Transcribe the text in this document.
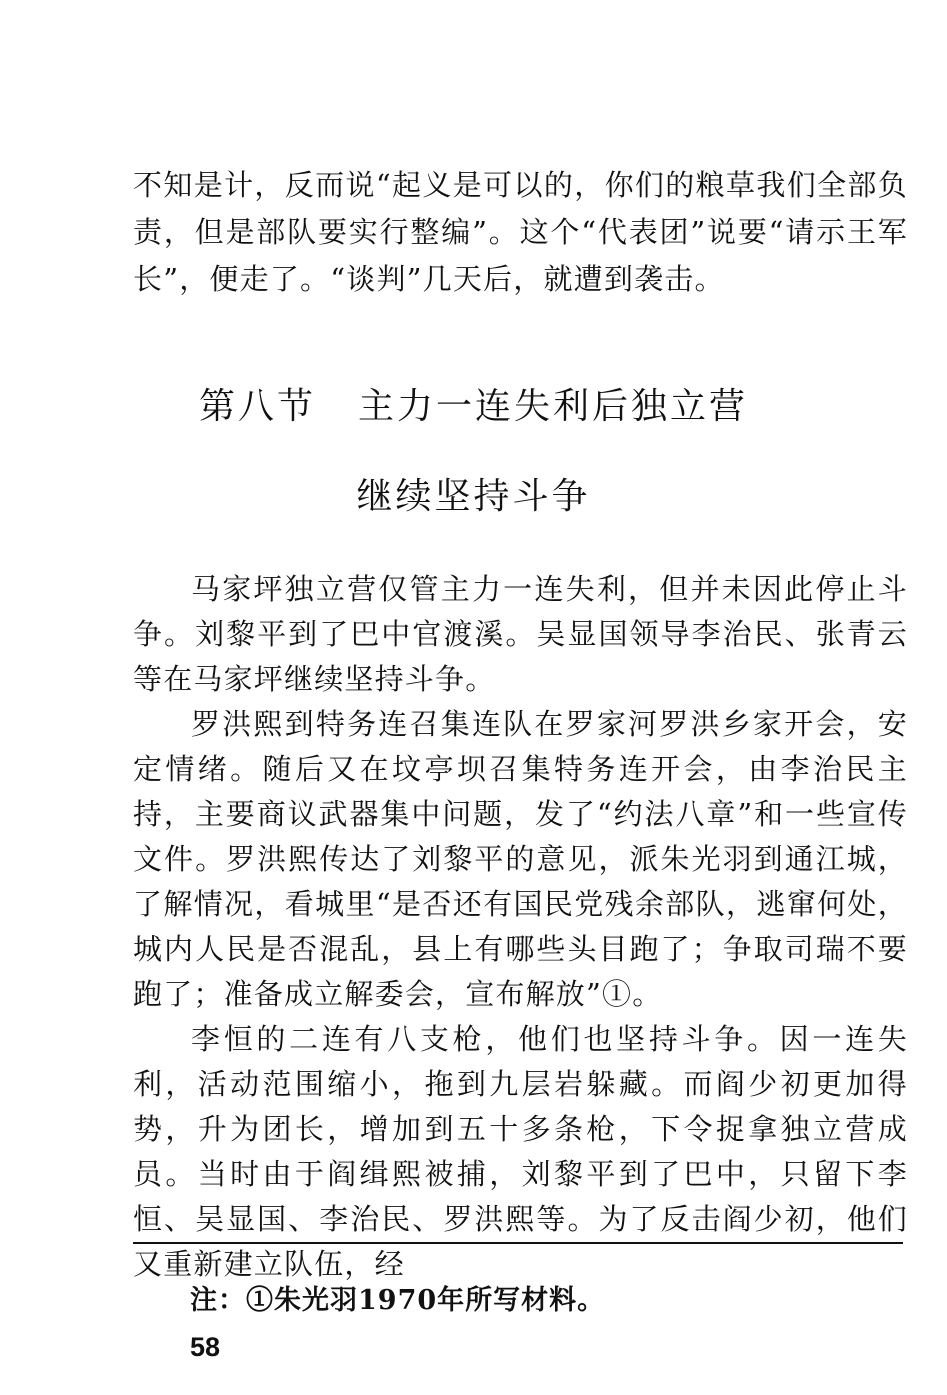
不知是计，反而说“起义是可以的，你们的粮草我们全部负责，但是部队要实行整编”。这个“代表团”说要“请示王军长”，便走了。“谈判”几天后，就遭到袭击。

第八节 主力一连失利后独立营
继续坚持斗争

马家坪独立营仅管主力一连失利，但并未因此停止斗争。刘黎平到了巴中官渡溪。吴显国领导李治民、张青云等在马家坪继续坚持斗争。

罗洪熙到特务连召集连队在罗家河罗洪乡家开会，安定情绪。随后又在坟亭坝召集特务连开会，由李治民主持，主要商议武器集中问题，发了“约法八章”和一些宣传文件。罗洪熙传达了刘黎平的意见，派朱光羽到通江城，了解情况，看城里“是否还有国民党残余部队，逃窜何处，城内人民是否混乱，县上有哪些头目跑了；争取司瑞不要跑了；准备成立解委会，宣布解放”①。

李恒的二连有八支枪，他们也坚持斗争。因一连失利，活动范围缩小，拖到九层岩躲藏。而阎少初更加得势，升为团长，增加到五十多条枪，下令捉拿独立营成员。当时由于阎缉熙被捕，刘黎平到了巴中，只留下李恒、吴显国、李治民、罗洪熙等。为了反击阎少初，他们又重新建立队伍，经

注：①朱光羽1970年所写材料。
58
